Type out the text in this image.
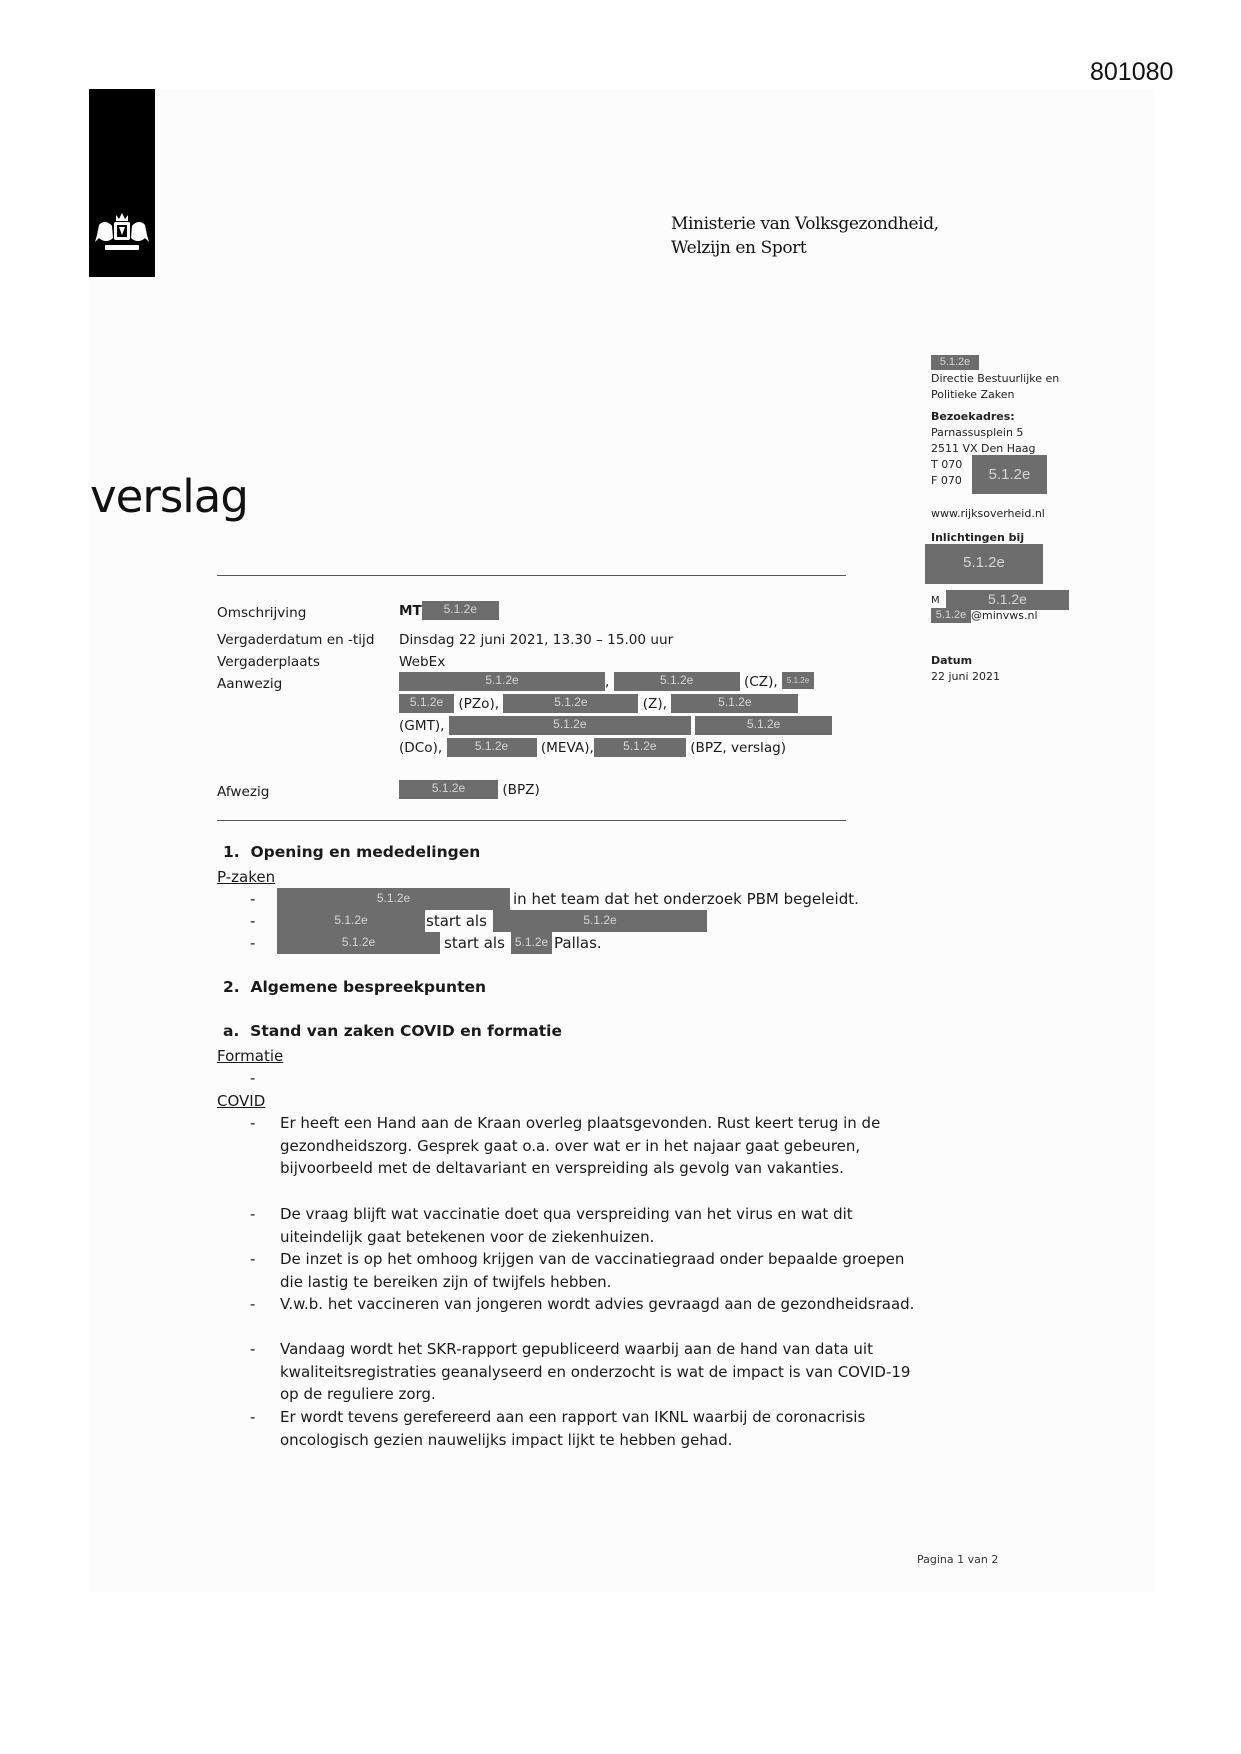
801080
Ministerie van Volksgezondheid,
Welzijn en Sport
5.1.2e
Directie Bestuurlijke en
Politieke Zaken
Bezoekadres:
Parnassusplein 5
2511 VX Den Haag
T 070
F 070	5.1.2e
www.rijksoverheid.nl
Inlichtingen bij
5.1.2e
M	5.1.2e
5.1.2e @minvws.nl
Datum
22 juni 2021
verslag
Omschrijving	MT 5.1.2e
Vergaderdatum en -tijd Dinsdag 22 juni 2021, 13.30 – 15.00 uur
Vergaderplaats	WebEx
Aanwezig	5.1.2e	,	5.1.2e	(CZ), 5.1.2e
5.1.2e (PZo),	5.1.2e	(Z),	5.1.2e
(GMT),	5.1.2e	5.1.2e
(DCo),	5.1.2e (MEVA), 5.1.2e (BPZ, verslag)
Afwezig	5.1.2e	(BPZ)
1. Opening en mededelingen
P-zaken
-	5.1.2e	in het team dat het onderzoek PBM begeleidt.
-	5.1.2e	start als	5.1.2e
-	5.1.2e	start als 5.1.2e Pallas.
2. Algemene bespreekpunten
a. Stand van zaken COVID en formatie
Formatie
-
COVID
- Er heeft een Hand aan de Kraan overleg plaatsgevonden. Rust keert terug in de gezondheidszorg. Gesprek gaat o.a. over wat er in het najaar gaat gebeuren, bijvoorbeeld met de deltavariant en verspreiding als gevolg van vakanties.
- De vraag blijft wat vaccinatie doet qua verspreiding van het virus en wat dit uiteindelijk gaat betekenen voor de ziekenhuizen.
- De inzet is op het omhoog krijgen van de vaccinatiegraad onder bepaalde groepen die lastig te bereiken zijn of twijfels hebben.
- V.w.b. het vaccineren van jongeren wordt advies gevraagd aan de gezondheidsraad.
- Vandaag wordt het SKR-rapport gepubliceerd waarbij aan de hand van data uit kwaliteitsregistraties geanalyseerd en onderzocht is wat de impact is van COVID-19 op de reguliere zorg.
- Er wordt tevens gerefereerd aan een rapport van IKNL waarbij de coronacrisis oncologisch gezien nauwelijks impact lijkt te hebben gehad.
Pagina 1 van 2
